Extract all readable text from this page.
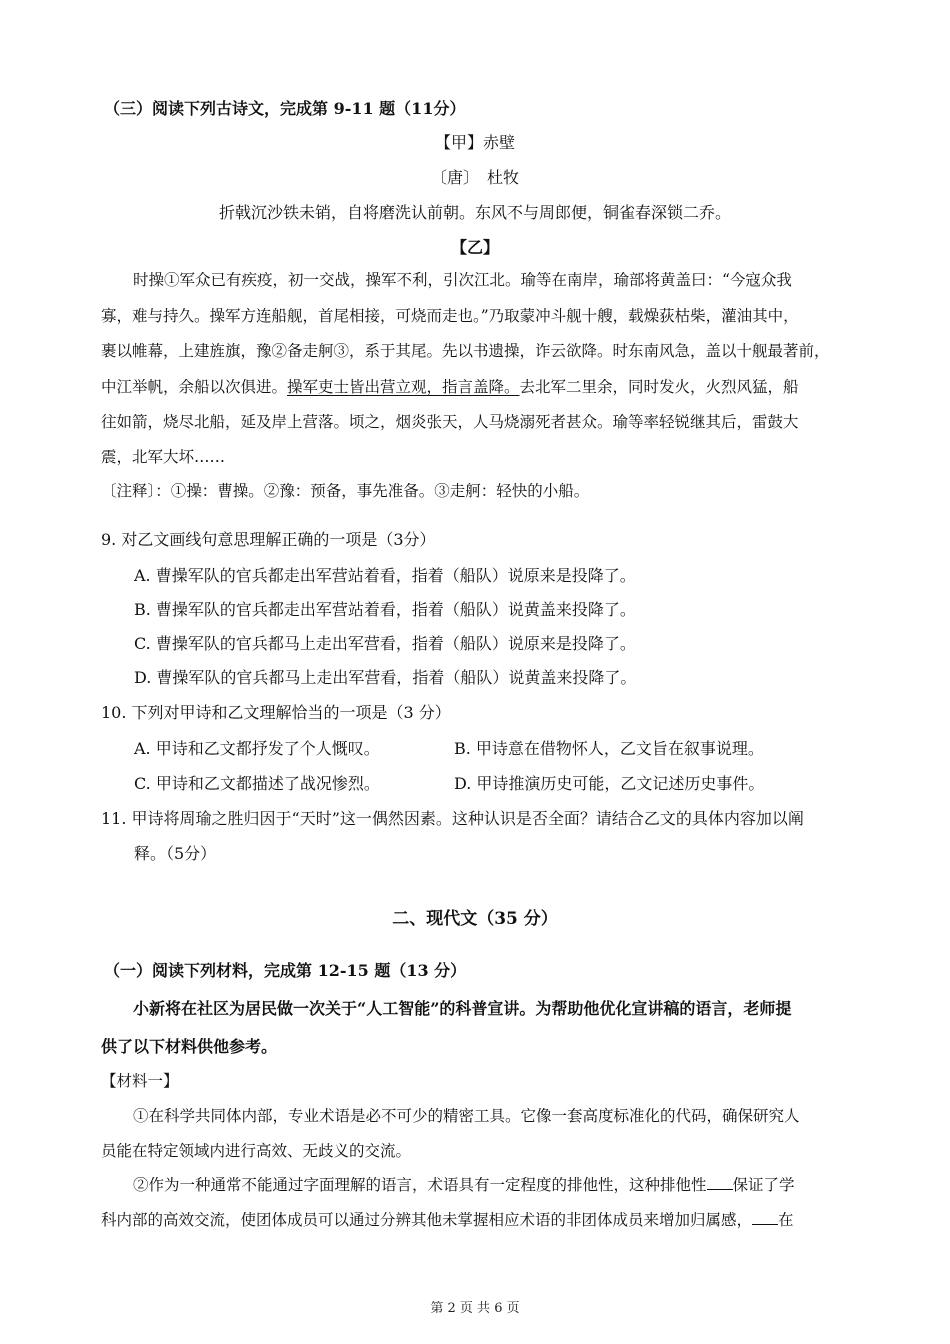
（三）阅读下列古诗文，完成第 9-11 题（11分）
【甲】赤壁
〔唐〕　杜牧
折戟沉沙铁未销，自将磨洗认前朝。东风不与周郎便，铜雀春深锁二乔。
【乙】
时操①军众已有疾疫，初一交战，操军不利，引次江北。瑜等在南岸，瑜部将黄盖曰：“今寇众我
寡，难与持久。操军方连船舰，首尾相接，可烧而走也。”乃取蒙冲斗舰十艘，载燥荻枯柴，灌油其中，
裹以帷幕，上建旌旗，豫②备走舸③，系于其尾。先以书遗操，诈云欲降。时东南风急，盖以十舰最著前，
中江举帆，余船以次俱进。操军吏士皆出营立观，指言盖降。去北军二里余，同时发火，火烈风猛，船
往如箭，烧尽北船，延及岸上营落。顷之，烟炎张天，人马烧溺死者甚众。瑜等率轻锐继其后，雷鼓大
震，北军大坏……
〔注释〕：①操：曹操。②豫：预备，事先准备。③走舸：轻快的小船。
9. 对乙文画线句意思理解正确的一项是（3分）
A. 曹操军队的官兵都走出军营站着看，指着（船队）说原来是投降了。
B. 曹操军队的官兵都走出军营站着看，指着（船队）说黄盖来投降了。
C. 曹操军队的官兵都马上走出军营看，指着（船队）说原来是投降了。
D. 曹操军队的官兵都马上走出军营看，指着（船队）说黄盖来投降了。
10. 下列对甲诗和乙文理解恰当的一项是（3 分）
A. 甲诗和乙文都抒发了个人慨叹。	B. 甲诗意在借物怀人，乙文旨在叙事说理。
C. 甲诗和乙文都描述了战况惨烈。	D. 甲诗推演历史可能，乙文记述历史事件。
11. 甲诗将周瑜之胜归因于“天时”这一偶然因素。这种认识是否全面？请结合乙文的具体内容加以阐
释。（5分）
二、现代文（35 分）
（一）阅读下列材料，完成第 12-15 题（13 分）
小新将在社区为居民做一次关于“人工智能”的科普宣讲。为帮助他优化宣讲稿的语言，老师提
供了以下材料供他参考。
【材料一】
①在科学共同体内部，专业术语是必不可少的精密工具。它像一套高度标准化的代码，确保研究人
员能在特定领域内进行高效、无歧义的交流。
②作为一种通常不能通过字面理解的语言，术语具有一定程度的排他性，这种排他性 保证了学
科内部的高效交流，使团体成员可以通过分辨其他未掌握相应术语的非团体成员来增加归属感， 在
第 2 页 共 6 页
